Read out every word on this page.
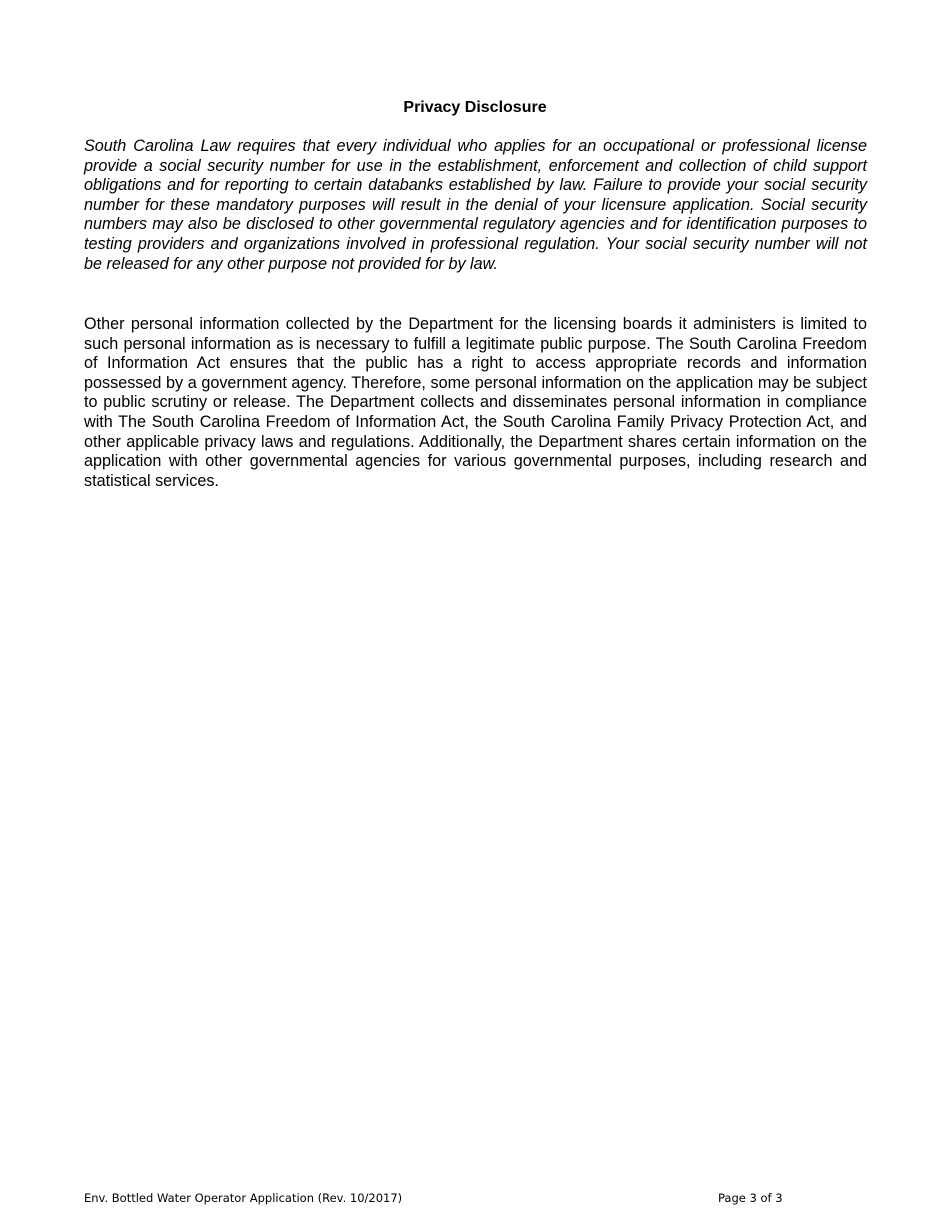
Privacy Disclosure

South Carolina Law requires that every individual who applies for an occupational or professional license provide a social security number for use in the establishment, enforcement and collection of child support obligations and for reporting to certain databanks established by law. Failure to provide your social security number for these mandatory purposes will result in the denial of your licensure application. Social security numbers may also be disclosed to other governmental regulatory agencies and for identification purposes to testing providers and organizations involved in professional regulation. Your social security number will not be released for any other purpose not provided for by law.

Other personal information collected by the Department for the licensing boards it administers is limited to such personal information as is necessary to fulfill a legitimate public purpose. The South Carolina Freedom of Information Act ensures that the public has a right to access appropriate records and information possessed by a government agency. Therefore, some personal information on the application may be subject to public scrutiny or release. The Department collects and disseminates personal information in compliance with The South Carolina Freedom of Information Act, the South Carolina Family Privacy Protection Act, and other applicable privacy laws and regulations. Additionally, the Department shares certain information on the application with other governmental agencies for various governmental purposes, including research and statistical services.

Env. Bottled Water Operator Application (Rev. 10/2017)	Page 3 of 3
